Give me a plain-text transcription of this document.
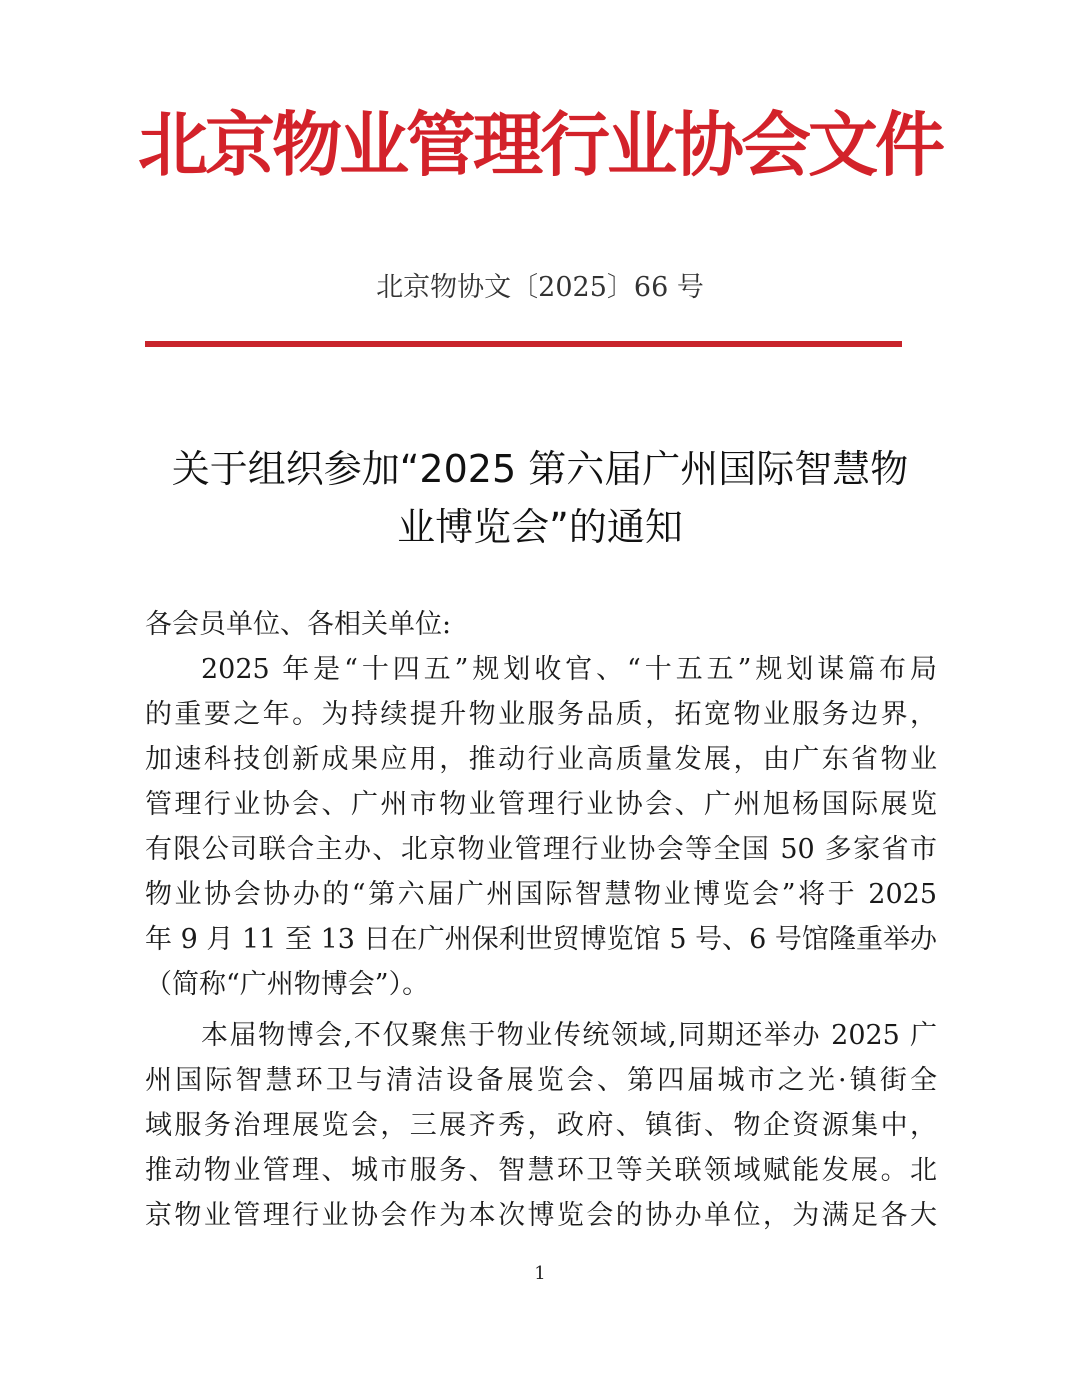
北京物业管理行业协会文件
北京物协文〔2025〕66 号
关于组织参加“2025 第六届广州国际智慧物
业博览会”的通知
各会员单位、各相关单位:
2025 年是“十四五”规划收官、“十五五”规划谋篇布局
的重要之年。为持续提升物业服务品质，拓宽物业服务边界，
加速科技创新成果应用，推动行业高质量发展，由广东省物业
管理行业协会、广州市物业管理行业协会、广州旭杨国际展览
有限公司联合主办、北京物业管理行业协会等全国 50 多家省市
物业协会协办的“第六届广州国际智慧物业博览会”将于 2025
年 9 月 11 至 13 日在广州保利世贸博览馆 5 号、6 号馆隆重举办
（简称“广州物博会”）。
本届物博会,不仅聚焦于物业传统领域,同期还举办 2025 广
州国际智慧环卫与清洁设备展览会、第四届城市之光·镇街全
域服务治理展览会，三展齐秀，政府、镇街、物企资源集中，
推动物业管理、城市服务、智慧环卫等关联领域赋能发展。北
京物业管理行业协会作为本次博览会的协办单位，为满足各大
1
